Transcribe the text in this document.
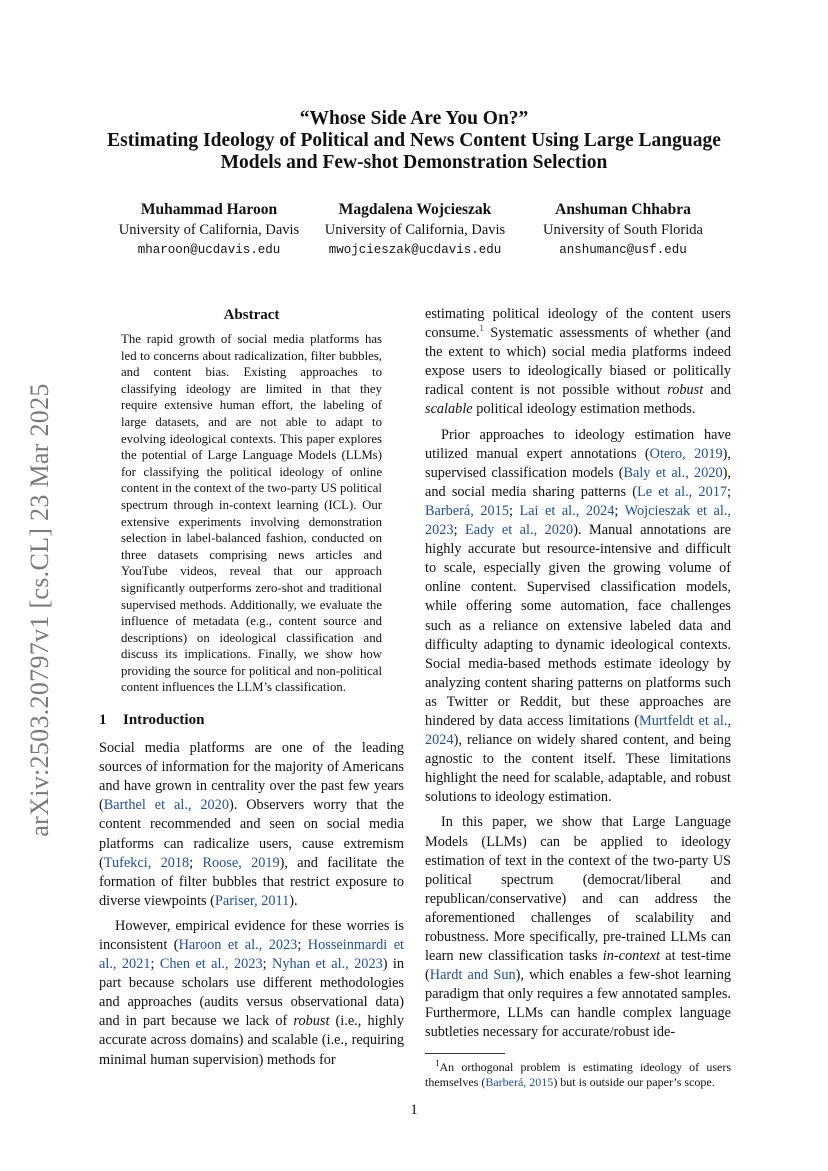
arXiv:2503.20797v1 [cs.CL] 23 Mar 2025
“Whose Side Are You On?”
Estimating Ideology of Political and News Content Using Large Language
Models and Few-shot Demonstration Selection
Muhammad Haroon
University of California, Davis
mharoon@ucdavis.edu
Magdalena Wojcieszak
University of California, Davis
mwojcieszak@ucdavis.edu
Anshuman Chhabra
University of South Florida
anshumanc@usf.edu
Abstract
The rapid growth of social media platforms has led to concerns about radicalization, filter bubbles, and content bias. Existing approaches to classifying ideology are limited in that they require extensive human effort, the labeling of large datasets, and are not able to adapt to evolving ideological contexts. This paper explores the potential of Large Language Models (LLMs) for classifying the political ideology of online content in the context of the two-party US political spectrum through in-context learning (ICL). Our extensive experiments involving demonstration selection in label-balanced fashion, conducted on three datasets comprising news articles and YouTube videos, reveal that our approach significantly outperforms zero-shot and traditional supervised methods. Additionally, we evaluate the influence of metadata (e.g., content source and descriptions) on ideological classification and discuss its implications. Finally, we show how providing the source for political and non-political content influences the LLM’s classification.
1 Introduction

Social media platforms are one of the leading sources of information for the majority of Americans and have grown in centrality over the past few years (Barthel et al., 2020). Observers worry that the content recommended and seen on social media platforms can radicalize users, cause extremism (Tufekci, 2018; Roose, 2019), and facilitate the formation of filter bubbles that restrict exposure to diverse viewpoints (Pariser, 2011).

However, empirical evidence for these worries is inconsistent (Haroon et al., 2023; Hosseinmardi et al., 2021; Chen et al., 2023; Nyhan et al., 2023) in part because scholars use different methodologies and approaches (audits versus observational data) and in part because we lack of robust (i.e., highly accurate across domains) and scalable (i.e., requiring minimal human supervision) methods for

estimating political ideology of the content users consume.$^1$ Systematic assessments of whether (and the extent to which) social media platforms indeed expose users to ideologically biased or politically radical content is not possible without robust and scalable political ideology estimation methods.

Prior approaches to ideology estimation have utilized manual expert annotations (Otero, 2019), supervised classification models (Baly et al., 2020), and social media sharing patterns (Le et al., 2017; Barberá, 2015; Lai et al., 2024; Wojcieszak et al., 2023; Eady et al., 2020). Manual annotations are highly accurate but resource-intensive and difficult to scale, especially given the growing volume of online content. Supervised classification models, while offering some automation, face challenges such as a reliance on extensive labeled data and difficulty adapting to dynamic ideological contexts. Social media-based methods estimate ideology by analyzing content sharing patterns on platforms such as Twitter or Reddit, but these approaches are hindered by data access limitations (Murtfeldt et al., 2024), reliance on widely shared content, and being agnostic to the content itself. These limitations highlight the need for scalable, adaptable, and robust solutions to ideology estimation.

In this paper, we show that Large Language Models (LLMs) can be applied to ideology estimation of text in the context of the two-party US political spectrum (democrat/liberal and republican/conservative) and can address the aforementioned challenges of scalability and robustness. More specifically, pre-trained LLMs can learn new classification tasks in-context at test-time (Hardt and Sun), which enables a few-shot learning paradigm that only requires a few annotated samples. Furthermore, LLMs can handle complex language subtleties necessary for accurate/robust ide-

$^1$An orthogonal problem is estimating ideology of users themselves (Barberá, 2015) but is outside our paper’s scope.
1
